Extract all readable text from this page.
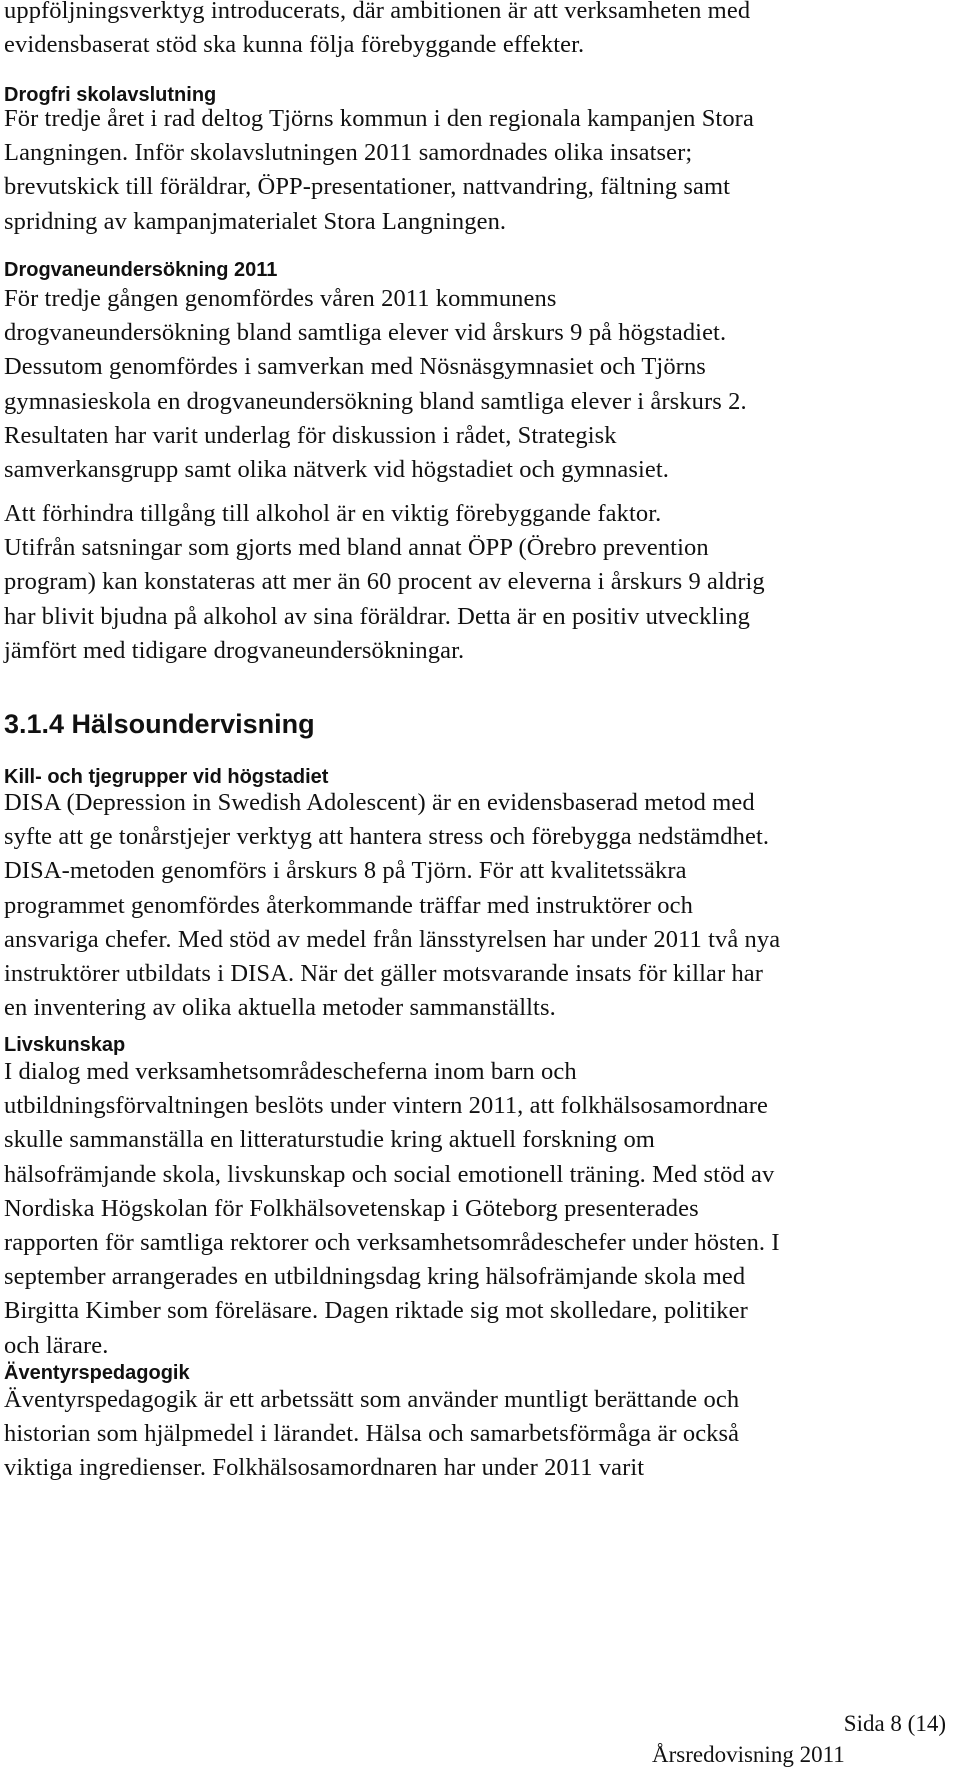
uppföljningsverktyg introducerats, där ambitionen är att verksamheten med
evidensbaserat stöd ska kunna följa förebyggande effekter.

Drogfri skolavslutning

För tredje året i rad deltog Tjörns kommun i den regionala kampanjen Stora
Langningen. Inför skolavslutningen 2011 samordnades olika insatser;
brevutskick till föräldrar, ÖPP-presentationer, nattvandring, fältning samt
spridning av kampanjmaterialet Stora Langningen.

Drogvaneundersökning 2011

För tredje gången genomfördes våren 2011 kommunens
drogvaneundersökning bland samtliga elever vid årskurs 9 på högstadiet.
Dessutom genomfördes i samverkan med Nösnäsgymnasiet och Tjörns
gymnasieskola en drogvaneundersökning bland samtliga elever i årskurs 2.
Resultaten har varit underlag för diskussion i rådet, Strategisk
samverkansgrupp samt olika nätverk vid högstadiet och gymnasiet.

Att förhindra tillgång till alkohol är en viktig förebyggande faktor.
Utifrån satsningar som gjorts med bland annat ÖPP (Örebro prevention
program) kan konstateras att mer än 60 procent av eleverna i årskurs 9 aldrig
har blivit bjudna på alkohol av sina föräldrar. Detta är en positiv utveckling
jämfört med tidigare drogvaneundersökningar.

3.1.4 Hälsoundervisning
Kill- och tjegrupper vid högstadiet

DISA (Depression in Swedish Adolescent) är en evidensbaserad metod med
syfte att ge tonårstjejer verktyg att hantera stress och förebygga nedstämdhet.
DISA-metoden genomförs i årskurs 8 på Tjörn. För att kvalitetssäkra
programmet genomfördes återkommande träffar med instruktörer och
ansvariga chefer. Med stöd av medel från länsstyrelsen har under 2011 två nya
instruktörer utbildats i DISA. När det gäller motsvarande insats för killar har
en inventering av olika aktuella metoder sammanställts.

Livskunskap

I dialog med verksamhetsområdescheferna inom barn och
utbildningsförvaltningen beslöts under vintern 2011, att folkhälsosamordnare
skulle sammanställa en litteraturstudie kring aktuell forskning om
hälsofrämjande skola, livskunskap och social emotionell träning. Med stöd av
Nordiska Högskolan för Folkhälsovetenskap i Göteborg presenterades
rapporten för samtliga rektorer och verksamhetsområdeschefer under hösten. I
september arrangerades en utbildningsdag kring hälsofrämjande skola med
Birgitta Kimber som föreläsare. Dagen riktade sig mot skolledare, politiker
och lärare.

Äventyrspedagogik

Äventyrspedagogik är ett arbetssätt som använder muntligt berättande och
historian som hjälpmedel i lärandet. Hälsa och samarbetsförmåga är också
viktiga ingredienser. Folkhälsosamordnaren har under 2011 varit

Sida 8 (14)
Årsredovisning 2011
